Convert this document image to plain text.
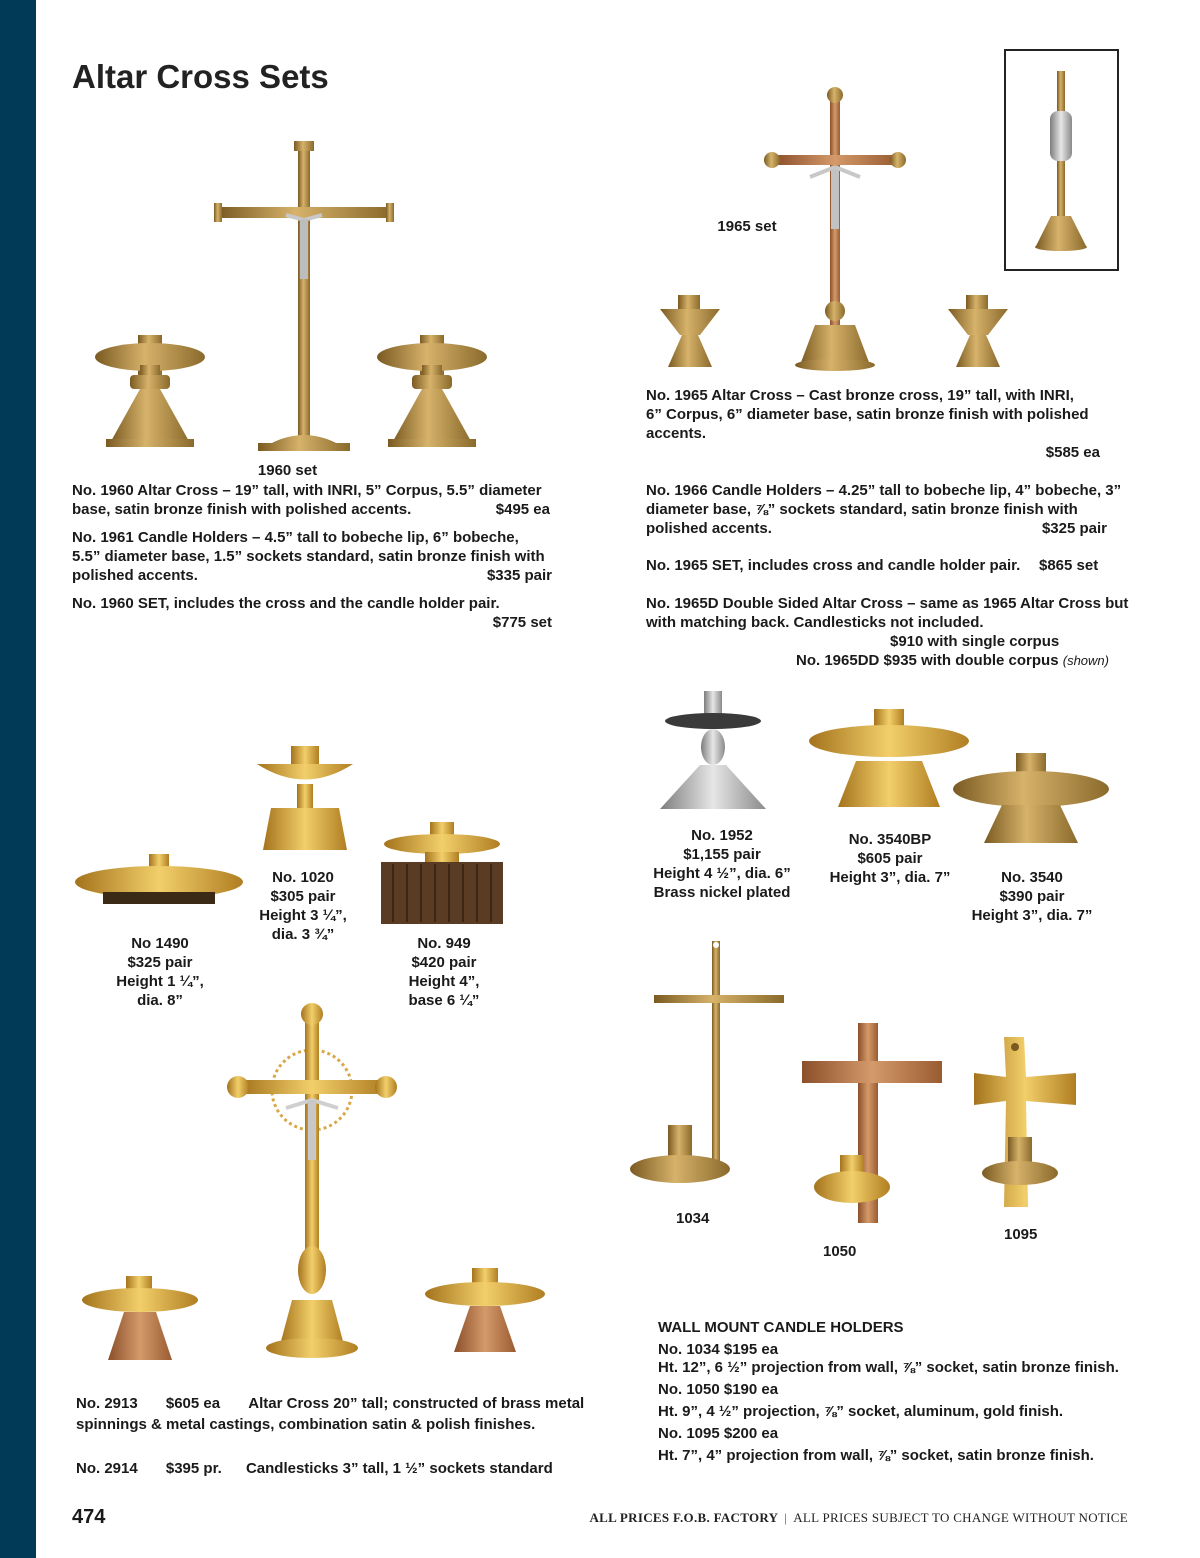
Altar Cross Sets
1965 set
1960 set
No. 1960 Altar Cross – 19” tall, with INRI, 5” Corpus, 5.5” diameter
base, satin bronze finish with polished accents.	$495 ea
No. 1961 Candle Holders – 4.5” tall to bobeche lip, 6” bobeche,
5.5” diameter base, 1.5” sockets standard, satin bronze finish with
polished accents.	$335 pair
No. 1960 SET, includes the cross and the candle holder pair.
$775 set
No. 1965 Altar Cross – Cast bronze cross, 19” tall, with INRI,
6” Corpus, 6” diameter base, satin bronze finish with polished
accents.
$585 ea
No. 1966 Candle Holders – 4.25” tall to bobeche lip, 4” bobeche, 3”
diameter base, ⅞” sockets standard, satin bronze finish with
polished accents.	$325 pair
No. 1965 SET, includes cross and candle holder pair. $865 set
No. 1965D Double Sided Altar Cross – same as 1965 Altar Cross but
with matching back. Candlesticks not included.
$910 with single corpus
No. 1965DD $935 with double corpus (shown)
No 1490
$325 pair
Height 1 ¼”,
dia. 8”
No. 1020
$305 pair
Height 3 ¼”,
dia. 3 ¾”
No. 949
$420 pair
Height 4”,
base 6 ¼”
No. 1952
$1,155 pair
Height 4 ½”, dia. 6”
Brass nickel plated
No. 3540BP
$605 pair
Height 3”, dia. 7”	No. 3540
$390 pair
Height 3”, dia. 7”
No. 2913 $605 ea Altar Cross 20” tall; constructed of brass metal
spinnings & metal castings, combination satin & polish finishes.
No. 2914 $395 pr. Candlesticks 3” tall, 1 ½” sockets standard
1034
1050
1095
WALL MOUNT CANDLE HOLDERS
No. 1034 $195 ea
Ht. 12”, 6 ½” projection from wall, ⅞” socket, satin bronze finish.
No. 1050 $190 ea
Ht. 9”, 4 ½” projection, ⅞” socket, aluminum, gold finish.
No. 1095 $200 ea
Ht. 7”, 4” projection from wall, ⅞” socket, satin bronze finish.
474	ALL PRICES F.O.B. FACTORY | ALL PRICES SUBJECT TO CHANGE WITHOUT NOTICE
